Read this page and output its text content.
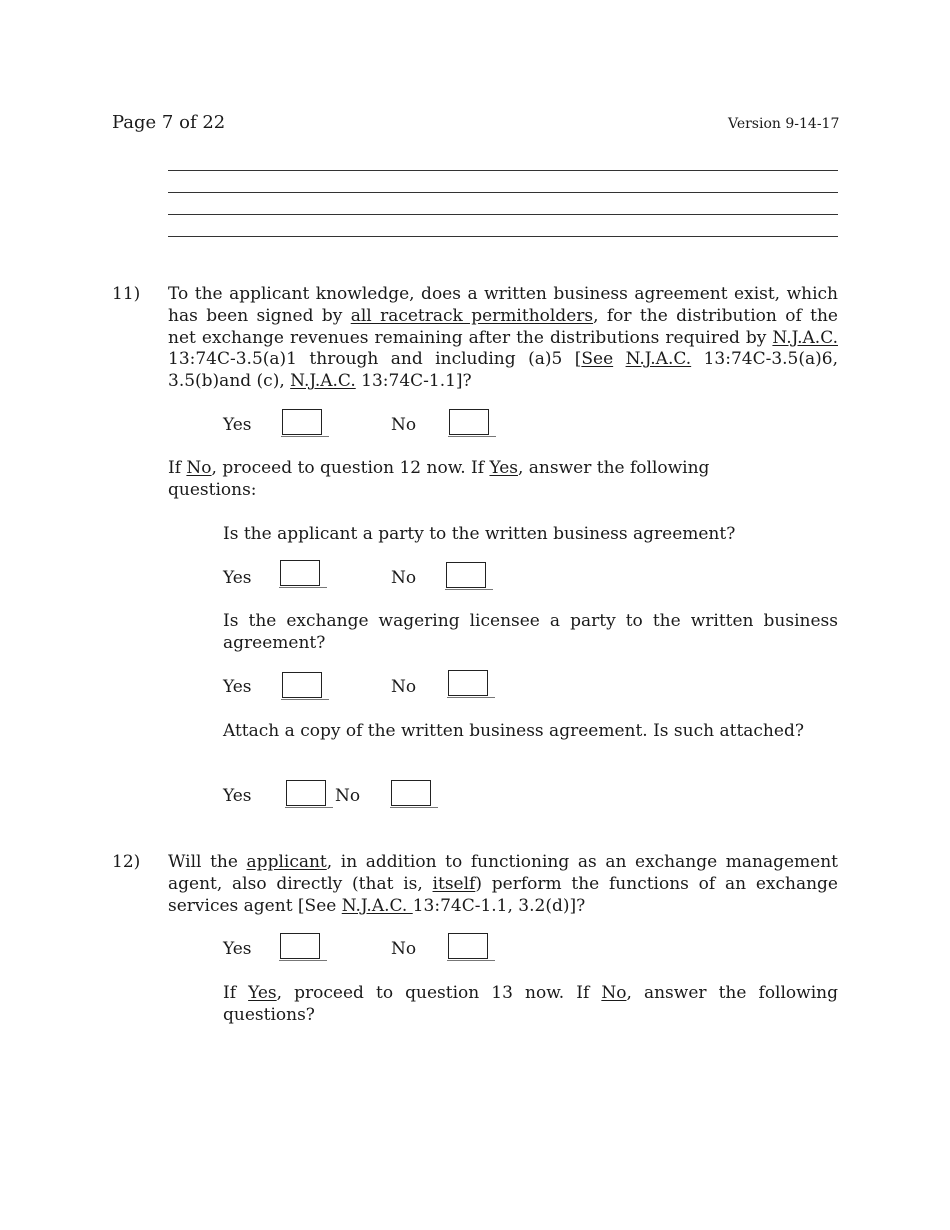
Page 7 of 22	Version 9-14-17
11) To the applicant knowledge, does a written business agreement exist, which has been signed by all racetrack permitholders, for the distribution of the net exchange revenues remaining after the distributions required by N.J.A.C. 13:74C-3.5(a)1 through and including (a)5 [See N.J.A.C. 13:74C-3.5(a)6, 3.5(b)and (c), N.J.A.C. 13:74C-1.1]?
Yes	No
If No, proceed to question 12 now. If Yes, answer the following questions:
Is the applicant a party to the written business agreement?
Yes	No
Is the exchange wagering licensee a party to the written business agreement?
Yes	No
Attach a copy of the written business agreement. Is such attached?
Yes	No
12) Will the applicant, in addition to functioning as an exchange management agent, also directly (that is, itself) perform the functions of an exchange services agent [See N.J.A.C. 13:74C-1.1, 3.2(d)]?
Yes	No
If Yes, proceed to question 13 now. If No, answer the following questions?
